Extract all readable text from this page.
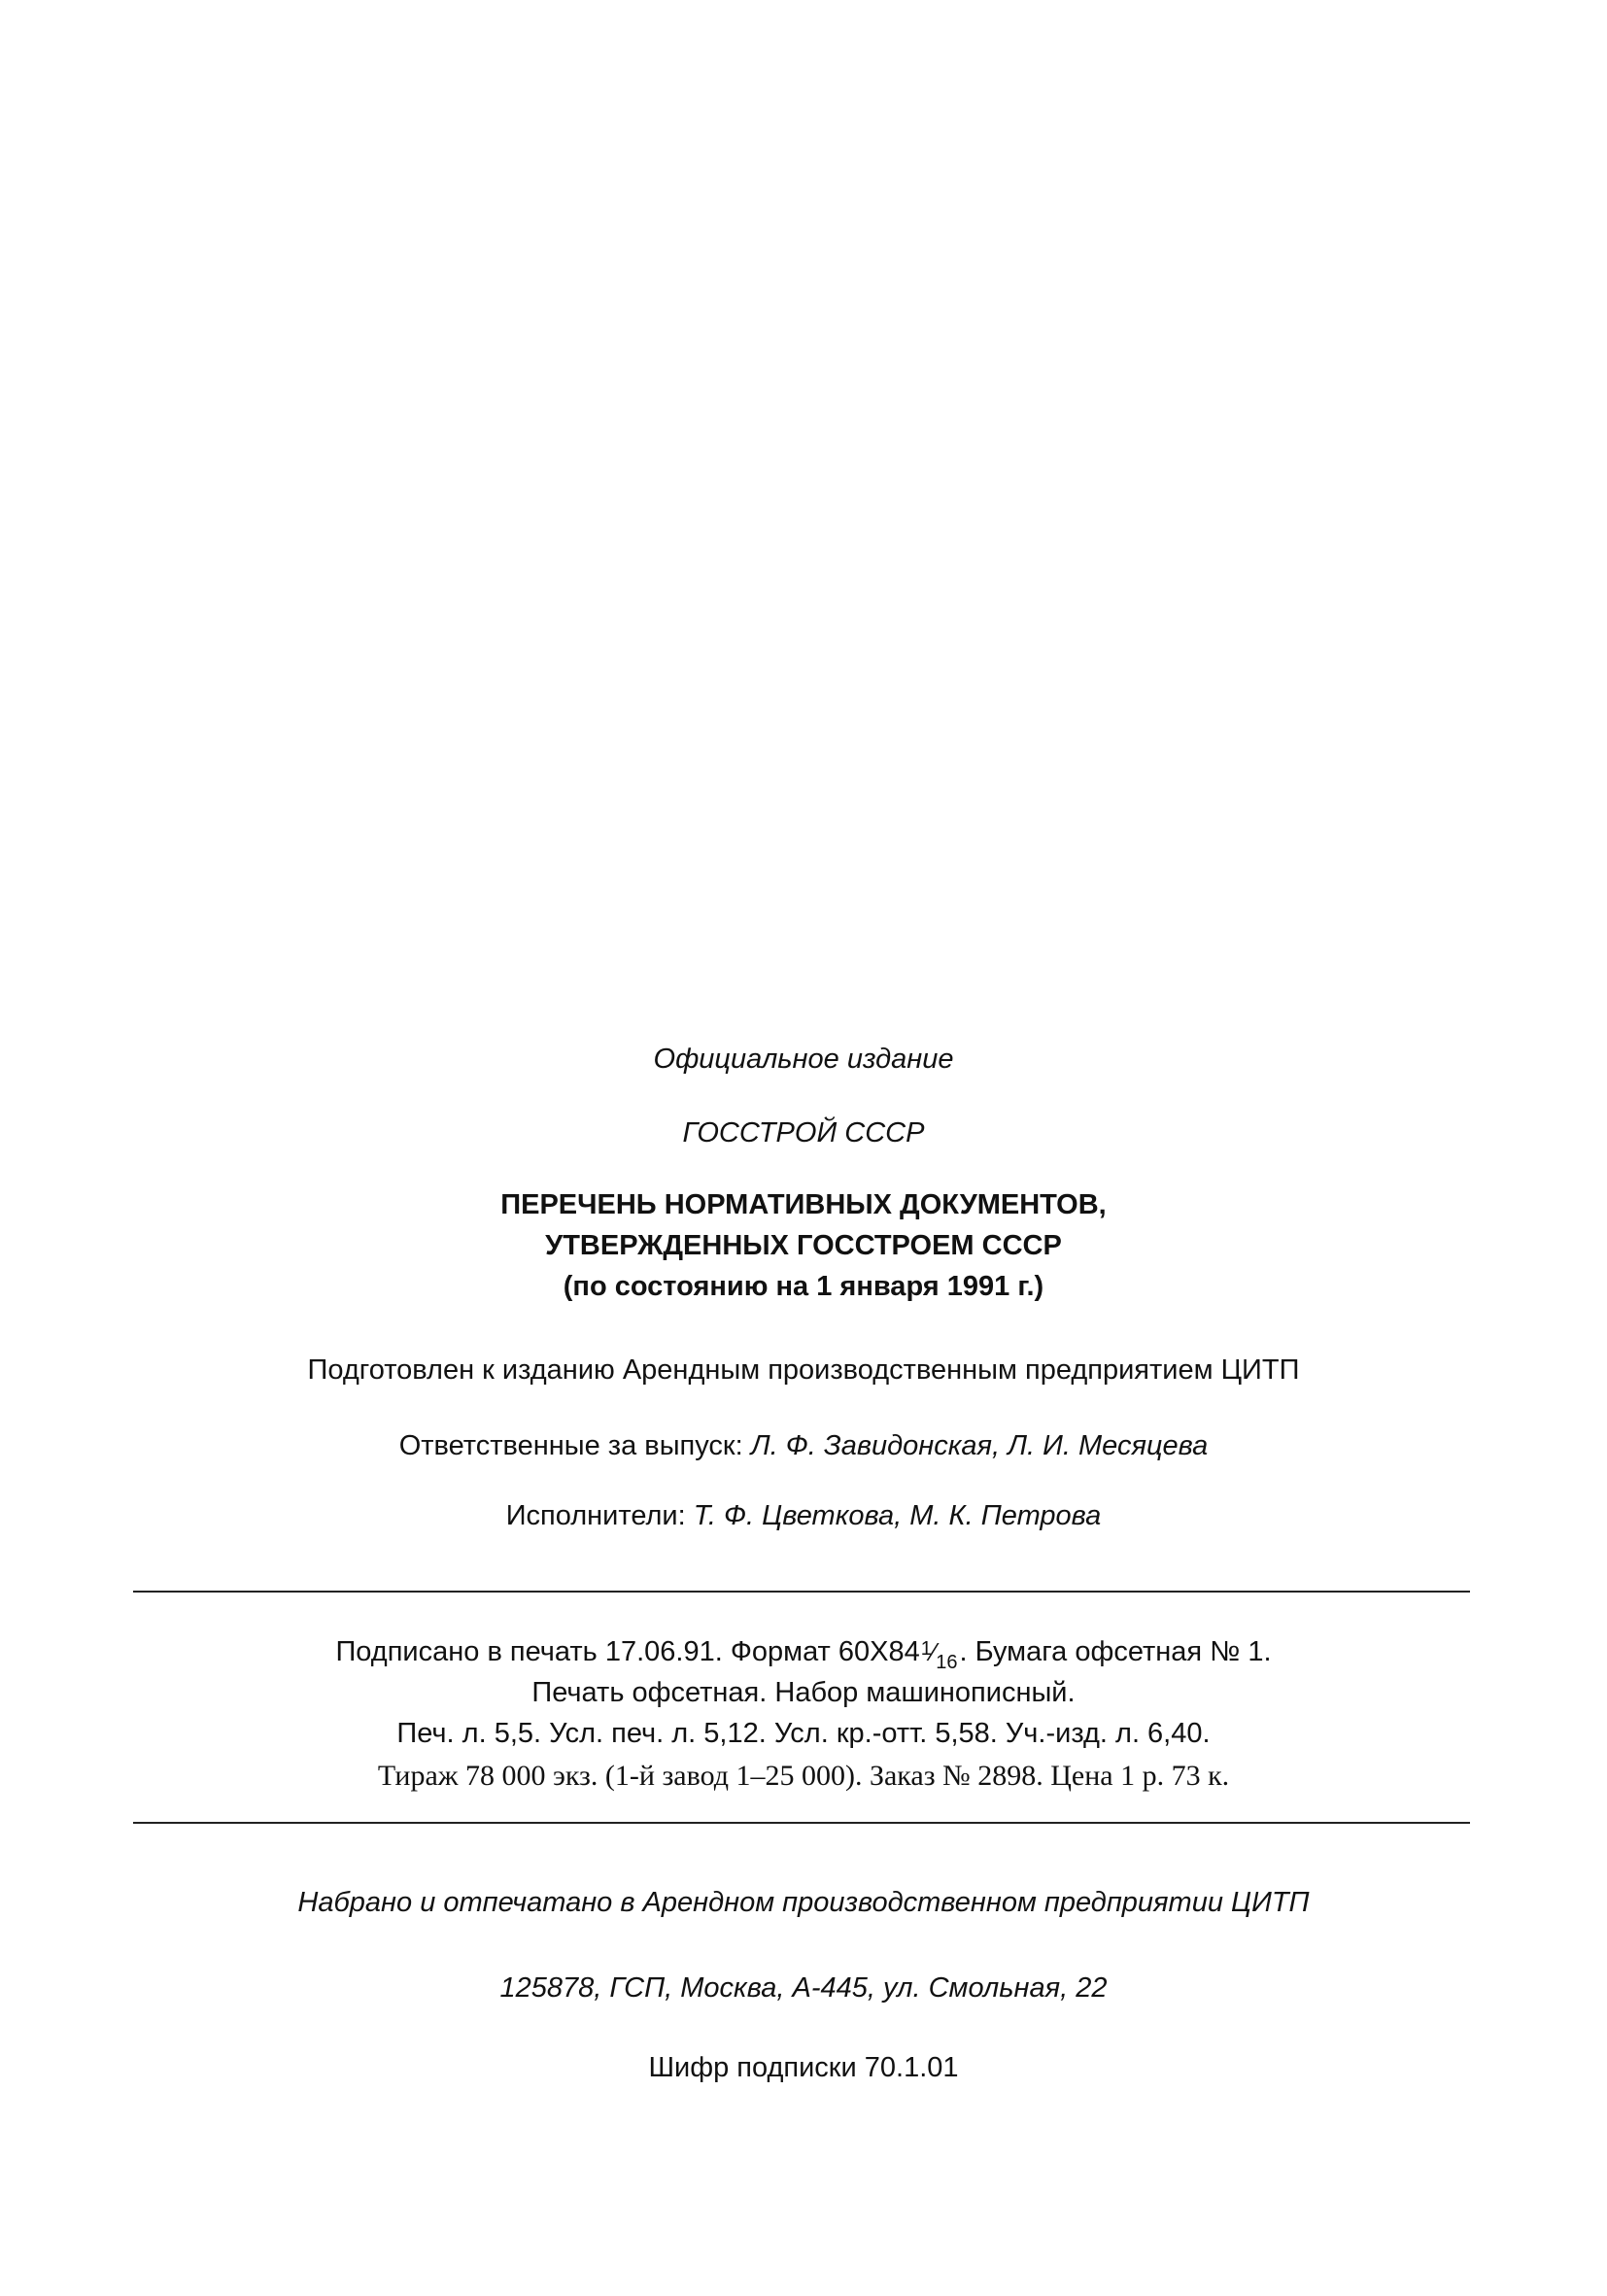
Официальное издание
ГОССТРОЙ СССР
ПЕРЕЧЕНЬ НОРМАТИВНЫХ ДОКУМЕНТОВ,
УТВЕРЖДЕННЫХ ГОССТРОЕМ СССР
(по состоянию на 1 января 1991 г.)
Подготовлен к изданию Арендным производственным предприятием ЦИТП
Ответственные за выпуск: Л. Ф. Завидонская, Л. И. Месяцева
Исполнители: Т. Ф. Цветкова, М. К. Петрова
Подписано в печать 17.06.91. Формат 60Х841⁄16. Бумага офсетная № 1.
Печать офсетная. Набор машинописный.
Печ. л. 5,5. Усл. печ. л. 5,12. Усл. кр.-отт. 5,58. Уч.-изд. л. 6,40.
Тираж 78 000 экз. (1-й завод 1–25 000). Заказ № 2898. Цена 1 р. 73 к.
Набрано и отпечатано в Арендном производственном предприятии ЦИТП
125878, ГСП, Москва, А-445, ул. Смольная, 22
Шифр подписки 70.1.01
